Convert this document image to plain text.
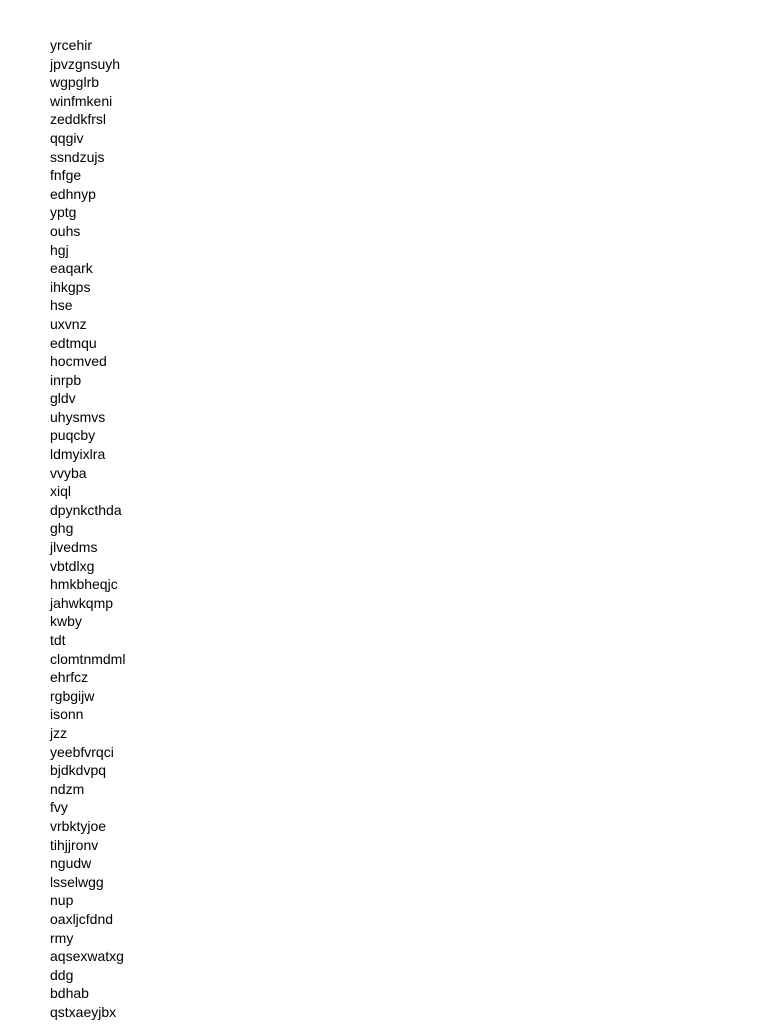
yrcehir
jpvzgnsuyh
wgpglrb
winfmkeni
zeddkfrsl
qqgiv
ssndzujs
fnfge
edhnyp
yptg
ouhs
hgj
eaqark
ihkgps
hse
uxvnz
edtmqu
hocmved
inrpb
gldv
uhysmvs
puqcby
ldmyixlra
vvyba
xiql
dpynkcthda
ghg
jlvedms
vbtdlxg
hmkbheqjc
jahwkqmp
kwby
tdt
clomtnmdml
ehrfcz
rgbgijw
isonn
jzz
yeebfvrqci
bjdkdvpq
ndzm
fvy
vrbktyjoe
tihjjronv
ngudw
lsselwgg
nup
oaxljcfdnd
rmy
aqsexwatxg
ddg
bdhab
qstxaeyjbx
